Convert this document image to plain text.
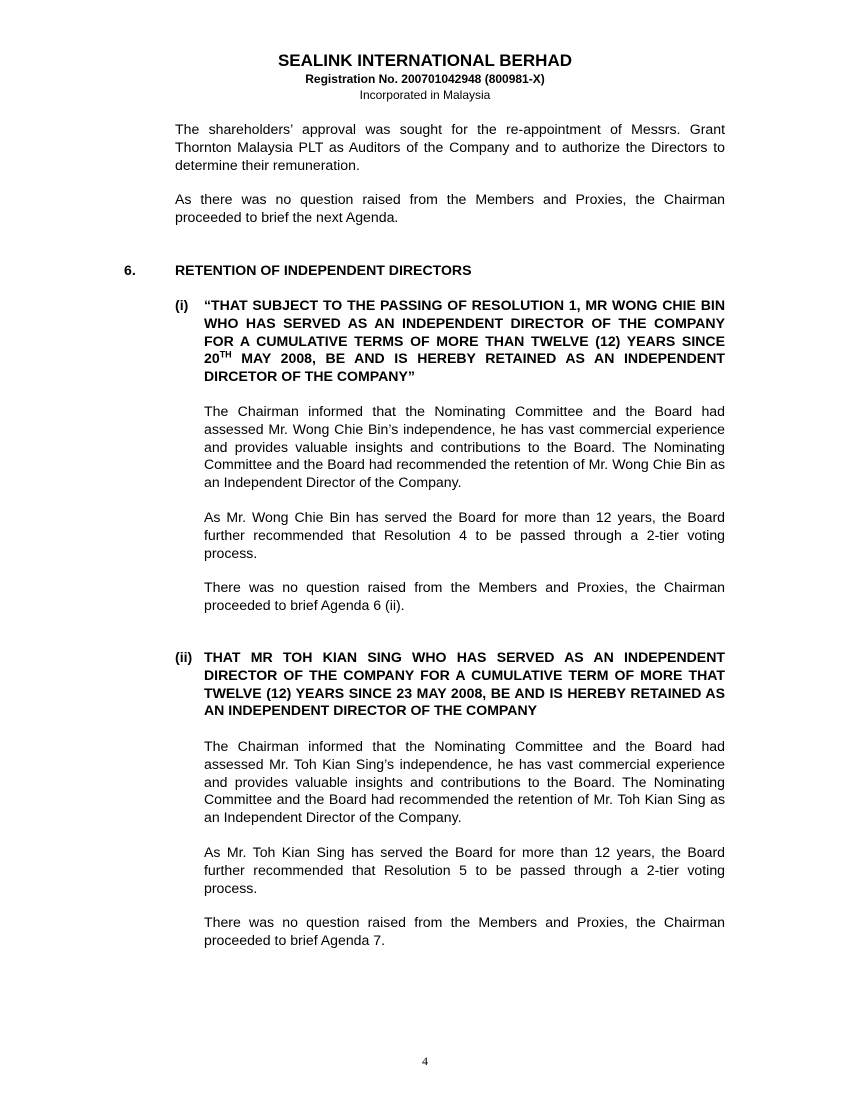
SEALINK INTERNATIONAL BERHAD
Registration No. 200701042948 (800981-X)
Incorporated in Malaysia

The shareholders’ approval was sought for the re-appointment of Messrs. Grant Thornton Malaysia PLT as Auditors of the Company and to authorize the Directors to determine their remuneration.

As there was no question raised from the Members and Proxies, the Chairman proceeded to brief the next Agenda.

6.	RETENTION OF INDEPENDENT DIRECTORS
(i) “THAT SUBJECT TO THE PASSING OF RESOLUTION 1, MR WONG CHIE BIN WHO HAS SERVED AS AN INDEPENDENT DIRECTOR OF THE COMPANY FOR A CUMULATIVE TERMS OF MORE THAN TWELVE (12) YEARS SINCE 20TH MAY 2008, BE AND IS HEREBY RETAINED AS AN INDEPENDENT DIRCETOR OF THE COMPANY”

The Chairman informed that the Nominating Committee and the Board had assessed Mr. Wong Chie Bin’s independence, he has vast commercial experience and provides valuable insights and contributions to the Board. The Nominating Committee and the Board had recommended the retention of Mr. Wong Chie Bin as an Independent Director of the Company.

As Mr. Wong Chie Bin has served the Board for more than 12 years, the Board further recommended that Resolution 4 to be passed through a 2-tier voting process.

There was no question raised from the Members and Proxies, the Chairman proceeded to brief Agenda 6 (ii).

(ii) THAT MR TOH KIAN SING WHO HAS SERVED AS AN INDEPENDENT DIRECTOR OF THE COMPANY FOR A CUMULATIVE TERM OF MORE THAT TWELVE (12) YEARS SINCE 23 MAY 2008, BE AND IS HEREBY RETAINED AS AN INDEPENDENT DIRECTOR OF THE COMPANY

The Chairman informed that the Nominating Committee and the Board had assessed Mr. Toh Kian Sing’s independence, he has vast commercial experience and provides valuable insights and contributions to the Board. The Nominating Committee and the Board had recommended the retention of Mr. Toh Kian Sing as an Independent Director of the Company.

As Mr. Toh Kian Sing has served the Board for more than 12 years, the Board further recommended that Resolution 5 to be passed through a 2-tier voting process.

There was no question raised from the Members and Proxies, the Chairman proceeded to brief Agenda 7.

4
